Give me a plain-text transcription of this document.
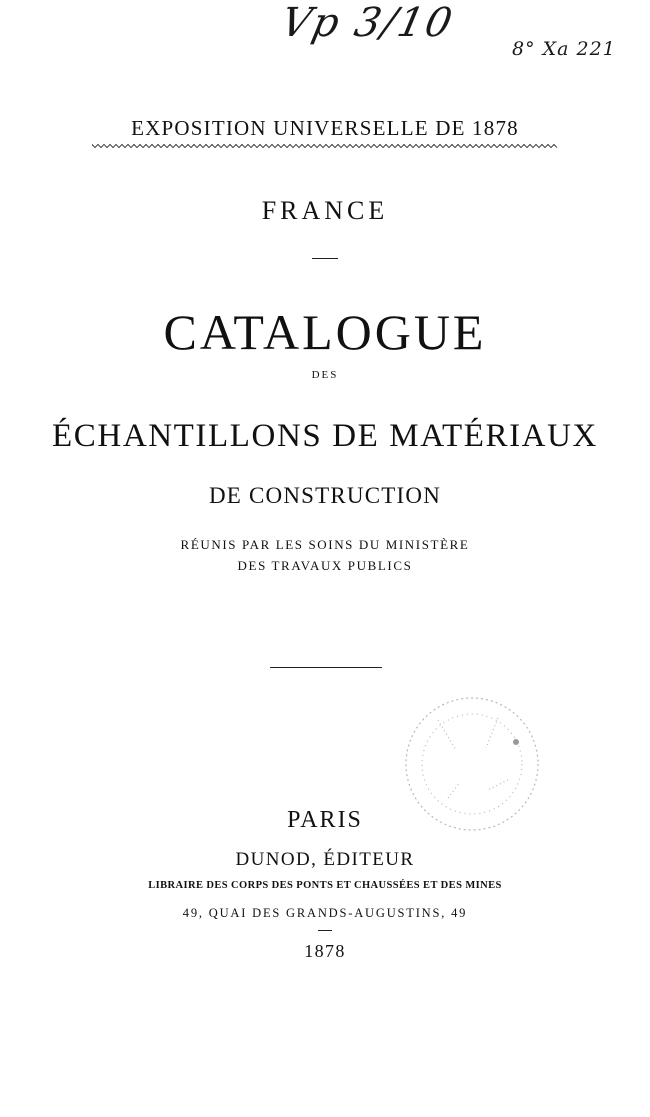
Vp 3/10
8° Xa 221
EXPOSITION UNIVERSELLE DE 1878
FRANCE
CATALOGUE
DES
ÉCHANTILLONS DE MATÉRIAUX
DE CONSTRUCTION
RÉUNIS PAR LES SOINS DU MINISTÈRE
DES TRAVAUX PUBLICS
PARIS
DUNOD, ÉDITEUR
LIBRAIRE DES CORPS DES PONTS ET CHAUSSÉES ET DES MINES
49, QUAI DES GRANDS-AUGUSTINS, 49
1878
